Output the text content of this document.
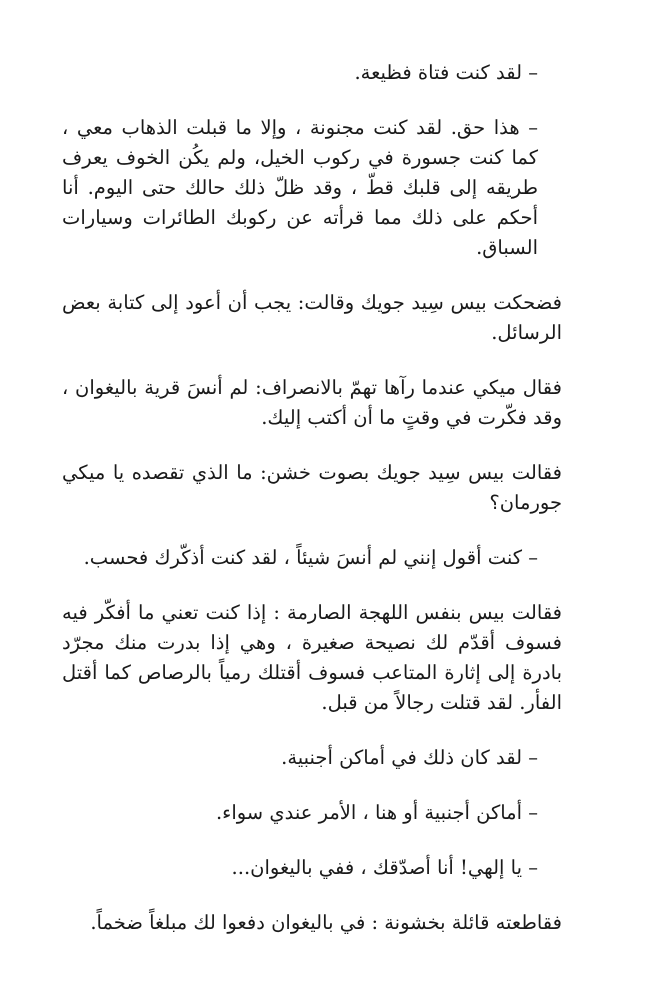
– لقد كنت فتاة فظيعة.

– هذا حق. لقد كنت مجنونة ، وإلا ما قبلت الذهاب معي ، كما كنت جسورة في ركوب الخيل، ولم يكُن الخوف يعرف طريقه إلى قلبك قطّ ، وقد ظلّ ذلك حالك حتى اليوم. أنا أحكم على ذلك مما قرأته عن ركوبك الطائرات وسيارات السباق.

فضحكت بيس سِيد جويك وقالت: يجب أن أعود إلى كتابة بعض الرسائل.

فقال ميكي عندما رآها تهمّ بالانصراف: لم أنسَ قرية باليغوان ، وقد فكّرت في وقتٍ ما أن أكتب إليك.

فقالت بيس سِيد جويك بصوت خشن: ما الذي تقصده يا ميكي جورمان؟

– كنت أقول إنني لم أنسَ شيئاً ، لقد كنت أذكّرك فحسب.

فقالت بيس بنفس اللهجة الصارمة : إذا كنت تعني ما أفكّر فيه فسوف أقدّم لك نصيحة صغيرة ، وهي إذا بدرت منك مجرّد بادرة إلى إثارة المتاعب فسوف أقتلك رمياً بالرصاص كما أقتل الفأر. لقد قتلت رجالاً من قبل.

– لقد كان ذلك في أماكن أجنبية.

– أماكن أجنبية أو هنا ، الأمر عندي سواء.

– يا إلهي! أنا أصدّقك ، ففي باليغوان...

فقاطعته قائلة بخشونة : في باليغوان دفعوا لك مبلغاً ضخماً.
